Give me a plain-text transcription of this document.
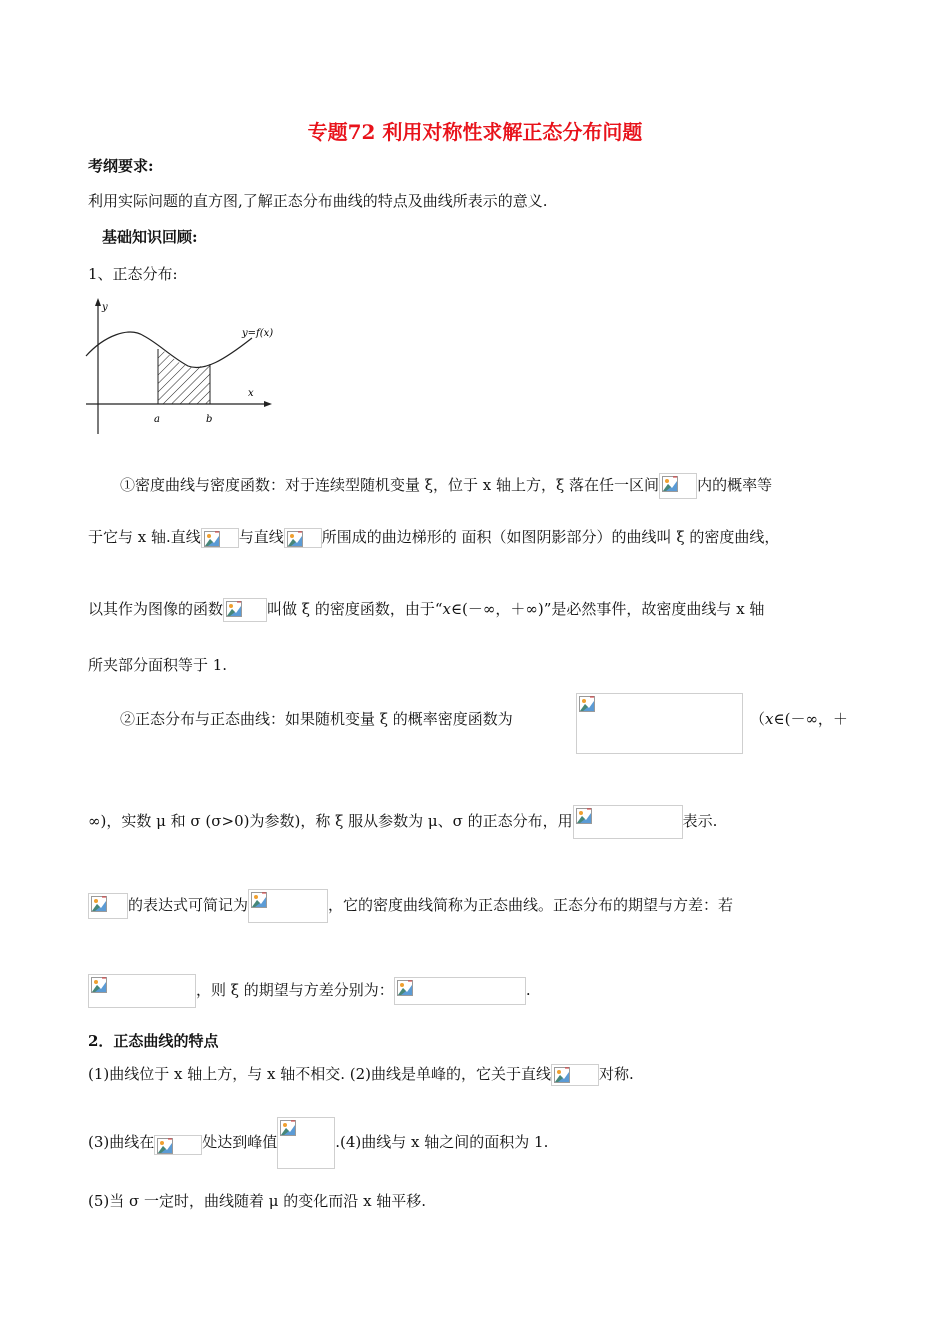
专题72 利用对称性求解正态分布问题
考纲要求:
利用实际问题的直方图,了解正态分布曲线的特点及曲线所表示的意义.
基础知识回顾:
1、正态分布:
y
x
y=f(x)
a	b
①密度曲线与密度函数：对于连续型随机变量 ξ，位于 x 轴上方，ξ 落在任一区间	内的概率等
于它与 x 轴.直线	与直线	所围成的曲边梯形的 面积（如图阴影部分）的曲线叫 ξ 的密度曲线，
以其作为图像的函数	叫做 ξ 的密度函数，由于“x∈(－∞，＋∞)”是必然事件，故密度曲线与 x 轴
所夹部分面积等于 1.
②正态分布与正态曲线：如果随机变量 ξ 的概率密度函数为	（x∈(－∞，＋
∞)，实数 μ 和 σ (σ>0)为参数)，称 ξ 服从参数为 μ、σ 的正态分布，用	表示.
的表达式可简记为	，它的密度曲线简称为正态曲线。正态分布的期望与方差：若
，则 ξ 的期望与方差分别为：	.
2．正态曲线的特点
(1)曲线位于 x 轴上方，与 x 轴不相交. (2)曲线是单峰的，它关于直线	对称.
(3)曲线在	处达到峰值	.(4)曲线与 x 轴之间的面积为 1.
(5)当 σ 一定时，曲线随着 μ 的变化而沿 x 轴平移.
